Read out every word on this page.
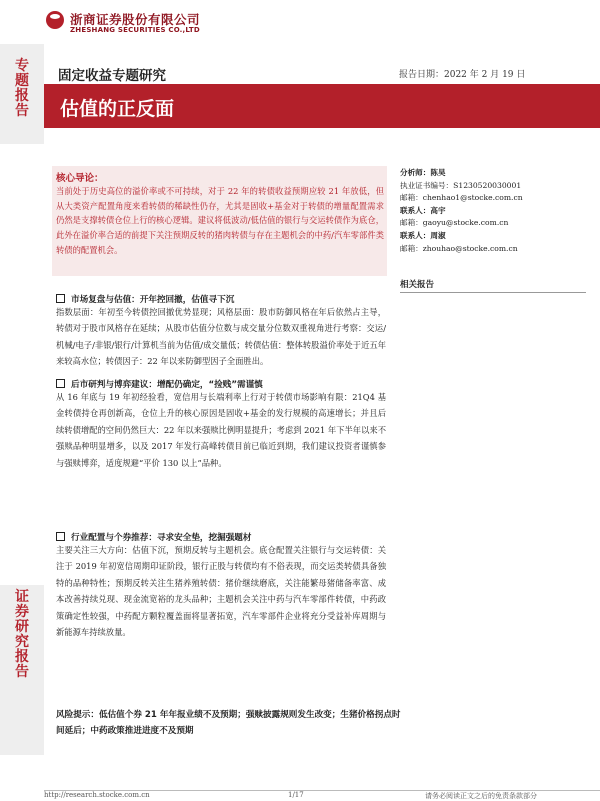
浙商证券股份有限公司
ZHESHANG SECURITIES CO.,LTD
专题报告
证券研究报告
固定收益专题研究	报告日期：2022 年 2 月 19 日
估值的正反面
核心导论：
当前处于历史高位的溢价率或不可持续，对于 22 年的转债收益预期应较 21 年放低，但从大类资产配置角度来看转债的稀缺性仍存，尤其是固收+基金对于转债的增量配置需求仍然是支撑转债仓位上行的核心逻辑。建议将低波动/低估值的银行与交运转债作为底仓，此外在溢价率合适的前提下关注预期反转的猪肉转债与存在主题机会的中药/汽车零部件类转债的配置机会。
分析师：陈昊
执业证书编号：S1230520030001
邮箱：chenhao1@stocke.com.cn
联系人：高宇
邮箱：gaoyu@stocke.com.cn
联系人：周淑
邮箱：zhouhao@stocke.com.cn
相关报告
市场复盘与估值：开年控回撤，估值寻下沉
指数层面：年初至今转债控回撤优势显现；风格层面：股市防御风格在年后依然占主导，转债对于股市风格存在延续；从股市估值分位数与成交量分位数双重视角进行考察：交运/机械/电子/非银/银行/计算机当前为估值/成交量低；转债估值：整体转股溢价率处于近五年来较高水位；转债因子：22 年以来防御型因子全面胜出。
后市研判与博弈建议：增配仍确定，“捡贱”需谨慎
从 16 年底与 19 年初经验看，宽信用与长端利率上行对于转债市场影响有限：21Q4 基金转债持仓再创新高，仓位上升的核心原因是固收+基金的发行规模的高速增长；并且后续转债增配的空间仍然巨大：22 年以来强赎比例明显提升；考虑到 2021 年下半年以来不强赎品种明显增多，以及 2017 年发行高峰转债目前已临近到期，我们建议投资者谨慎参与强赎博弈，适度规避“平价 130 以上”品种。
行业配置与个券推荐：寻求安全垫，挖掘强题材
主要关注三大方向：估值下沉，预期反转与主题机会。底仓配置关注银行与交运转债：关注于 2019 年初宽信周期印证阶段，银行正股与转债均有不俗表现，而交运类转债具备独特的品种特性；预期反转关注生猪养殖转债：猪价继续磨底，关注能繁母猪储备率富、成本改善持续兑现、现金流宽裕的龙头品种；主题机会关注中药与汽车零部件转债，中药政策确定性较强，中药配方颗粒覆盖面将显著拓宽，汽车零部件企业将充分受益补库周期与新能源车持续放量。
风险提示：低估值个券 21 年年报业绩不及预期；强赎披露规则发生改变；生猪价格拐点时间延后；中药政策推进进度不及预期
http://research.stocke.com.cn	1/17	请务必阅读正文之后的免责条款部分
